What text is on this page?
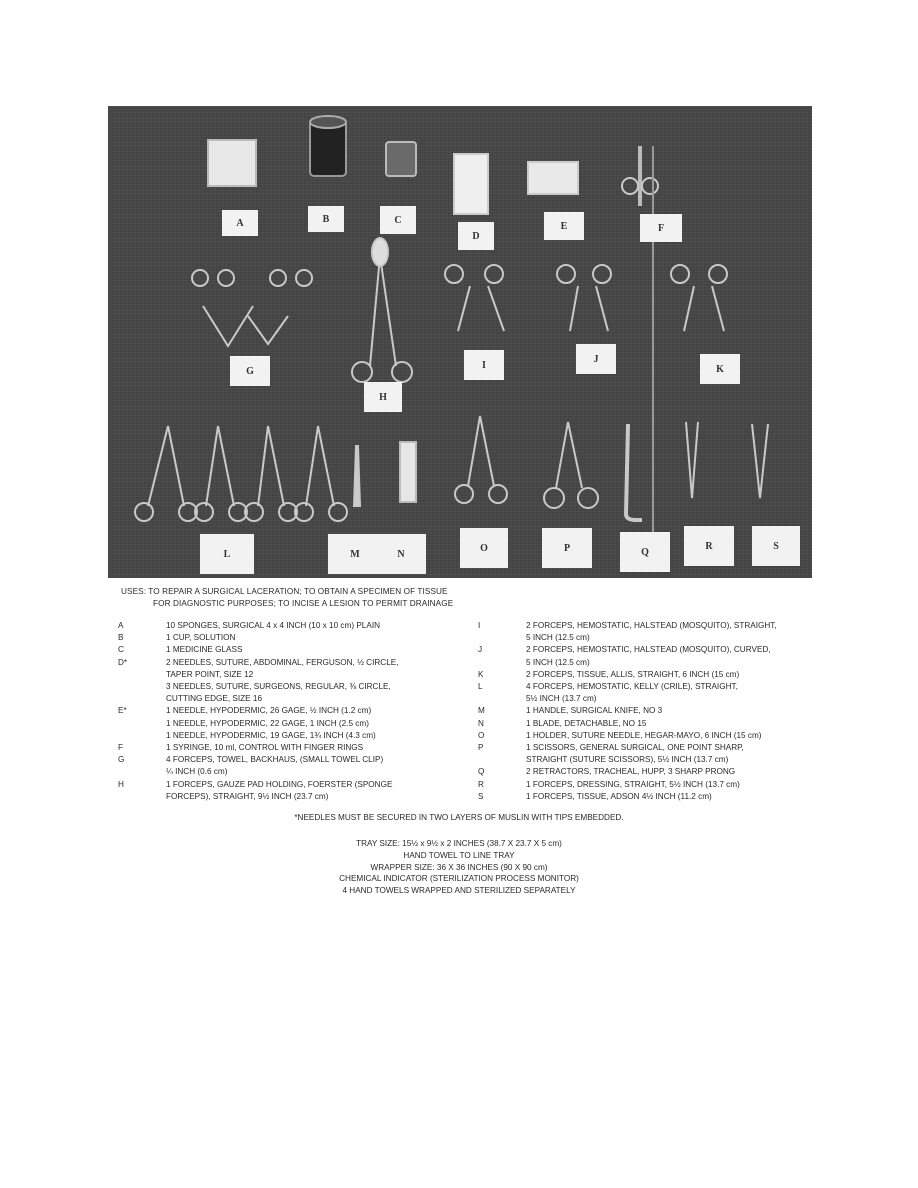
A	B	C
D
E	F
G
H
I
J
K
L	M	N
O	P	Q
R	S
USES: TO REPAIR A SURGICAL LACERATION; TO OBTAIN A SPECIMEN OF TISSUE
FOR DIAGNOSTIC PURPOSES; TO INCISE A LESION TO PERMIT DRAINAGE
A	10 SPONGES, SURGICAL 4 x 4 INCH (10 x 10 cm) PLAIN
B	1 CUP, SOLUTION
C	1 MEDICINE GLASS
D*	2 NEEDLES, SUTURE, ABDOMINAL, FERGUSON, ½ CIRCLE,
TAPER POINT, SIZE 12
3 NEEDLES, SUTURE, SURGEONS, REGULAR, ⅜ CIRCLE,
CUTTING EDGE, SIZE 16
E*	1 NEEDLE, HYPODERMIC, 26 GAGE, ½ INCH (1.2 cm)
1 NEEDLE, HYPODERMIC, 22 GAGE, 1 INCH (2.5 cm)
1 NEEDLE, HYPODERMIC, 19 GAGE, 1¾ INCH (4.3 cm)
F	1 SYRINGE, 10 ml, CONTROL WITH FINGER RINGS
G	4 FORCEPS, TOWEL, BACKHAUS, (SMALL TOWEL CLIP)
¼ INCH (0.6 cm)
H	1 FORCEPS, GAUZE PAD HOLDING, FOERSTER (SPONGE
FORCEPS), STRAIGHT, 9½ INCH (23.7 cm)
I	2 FORCEPS, HEMOSTATIC, HALSTEAD (MOSQUITO), STRAIGHT,
5 INCH (12.5 cm)
J	2 FORCEPS, HEMOSTATIC, HALSTEAD (MOSQUITO), CURVED,
5 INCH (12.5 cm)
K	2 FORCEPS, TISSUE, ALLIS, STRAIGHT, 6 INCH (15 cm)
L	4 FORCEPS, HEMOSTATIC, KELLY (CRILE), STRAIGHT,
5½ INCH (13.7 cm)
M	1 HANDLE, SURGICAL KNIFE, NO 3
N	1 BLADE, DETACHABLE, NO 15
O	1 HOLDER, SUTURE NEEDLE, HEGAR-MAYO, 6 INCH (15 cm)
P	1 SCISSORS, GENERAL SURGICAL, ONE POINT SHARP,
STRAIGHT (SUTURE SCISSORS), 5½ INCH (13.7 cm)
Q	2 RETRACTORS, TRACHEAL, HUPP, 3 SHARP PRONG
R	1 FORCEPS, DRESSING, STRAIGHT, 5½ INCH (13.7 cm)
S	1 FORCEPS, TISSUE, ADSON 4½ INCH (11.2 cm)
*NEEDLES MUST BE SECURED IN TWO LAYERS OF MUSLIN WITH TIPS EMBEDDED.
TRAY SIZE: 15½ x 9½ x 2 INCHES (38.7 X 23.7 X 5 cm)
HAND TOWEL TO LINE TRAY
WRAPPER SIZE: 36 X 36 INCHES (90 X 90 cm)
CHEMICAL INDICATOR (STERILIZATION PROCESS MONITOR)
4 HAND TOWELS WRAPPED AND STERILIZED SEPARATELY
